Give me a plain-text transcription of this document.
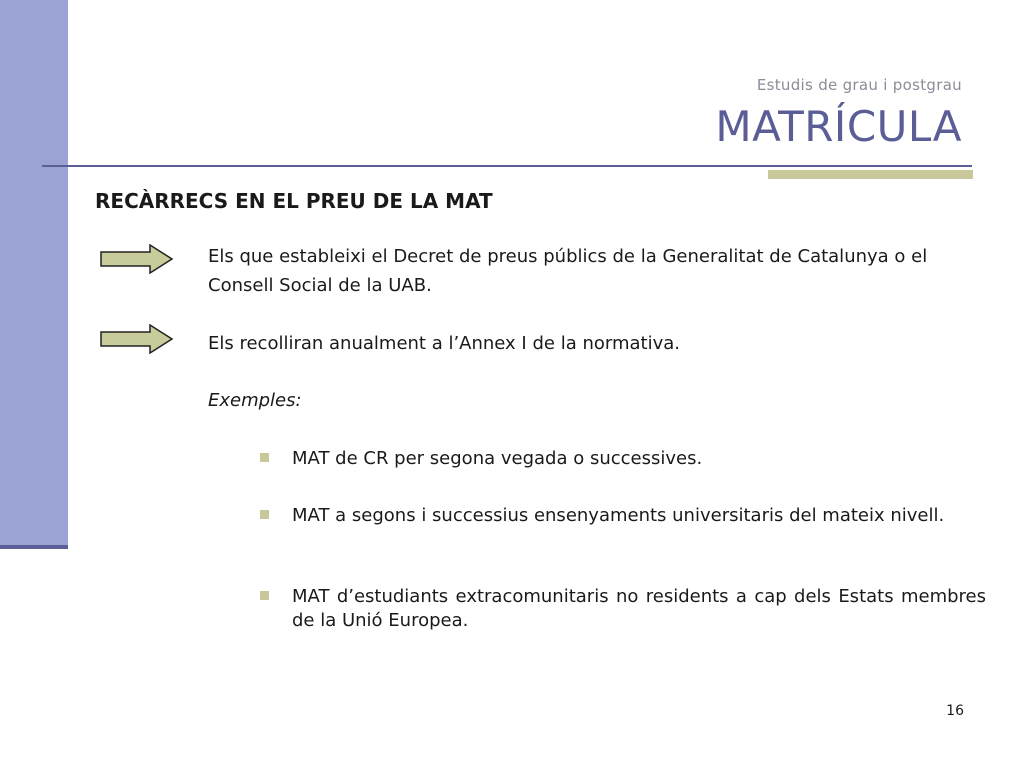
Estudis de grau i postgrau
MATRÍCULA
RECÀRRECS EN EL PREU DE LA MAT
Els que estableixi el Decret de preus públics de la Generalitat de Catalunya o el Consell Social de la UAB.
Els recolliran anualment a l’Annex I de la normativa.
Exemples:
MAT de CR per segona vegada o successives.
MAT a segons i successius ensenyaments universitaris del mateix nivell.
MAT d’estudiants extracomunitaris no residents a cap dels Estats membres de la Unió Europea.
16
